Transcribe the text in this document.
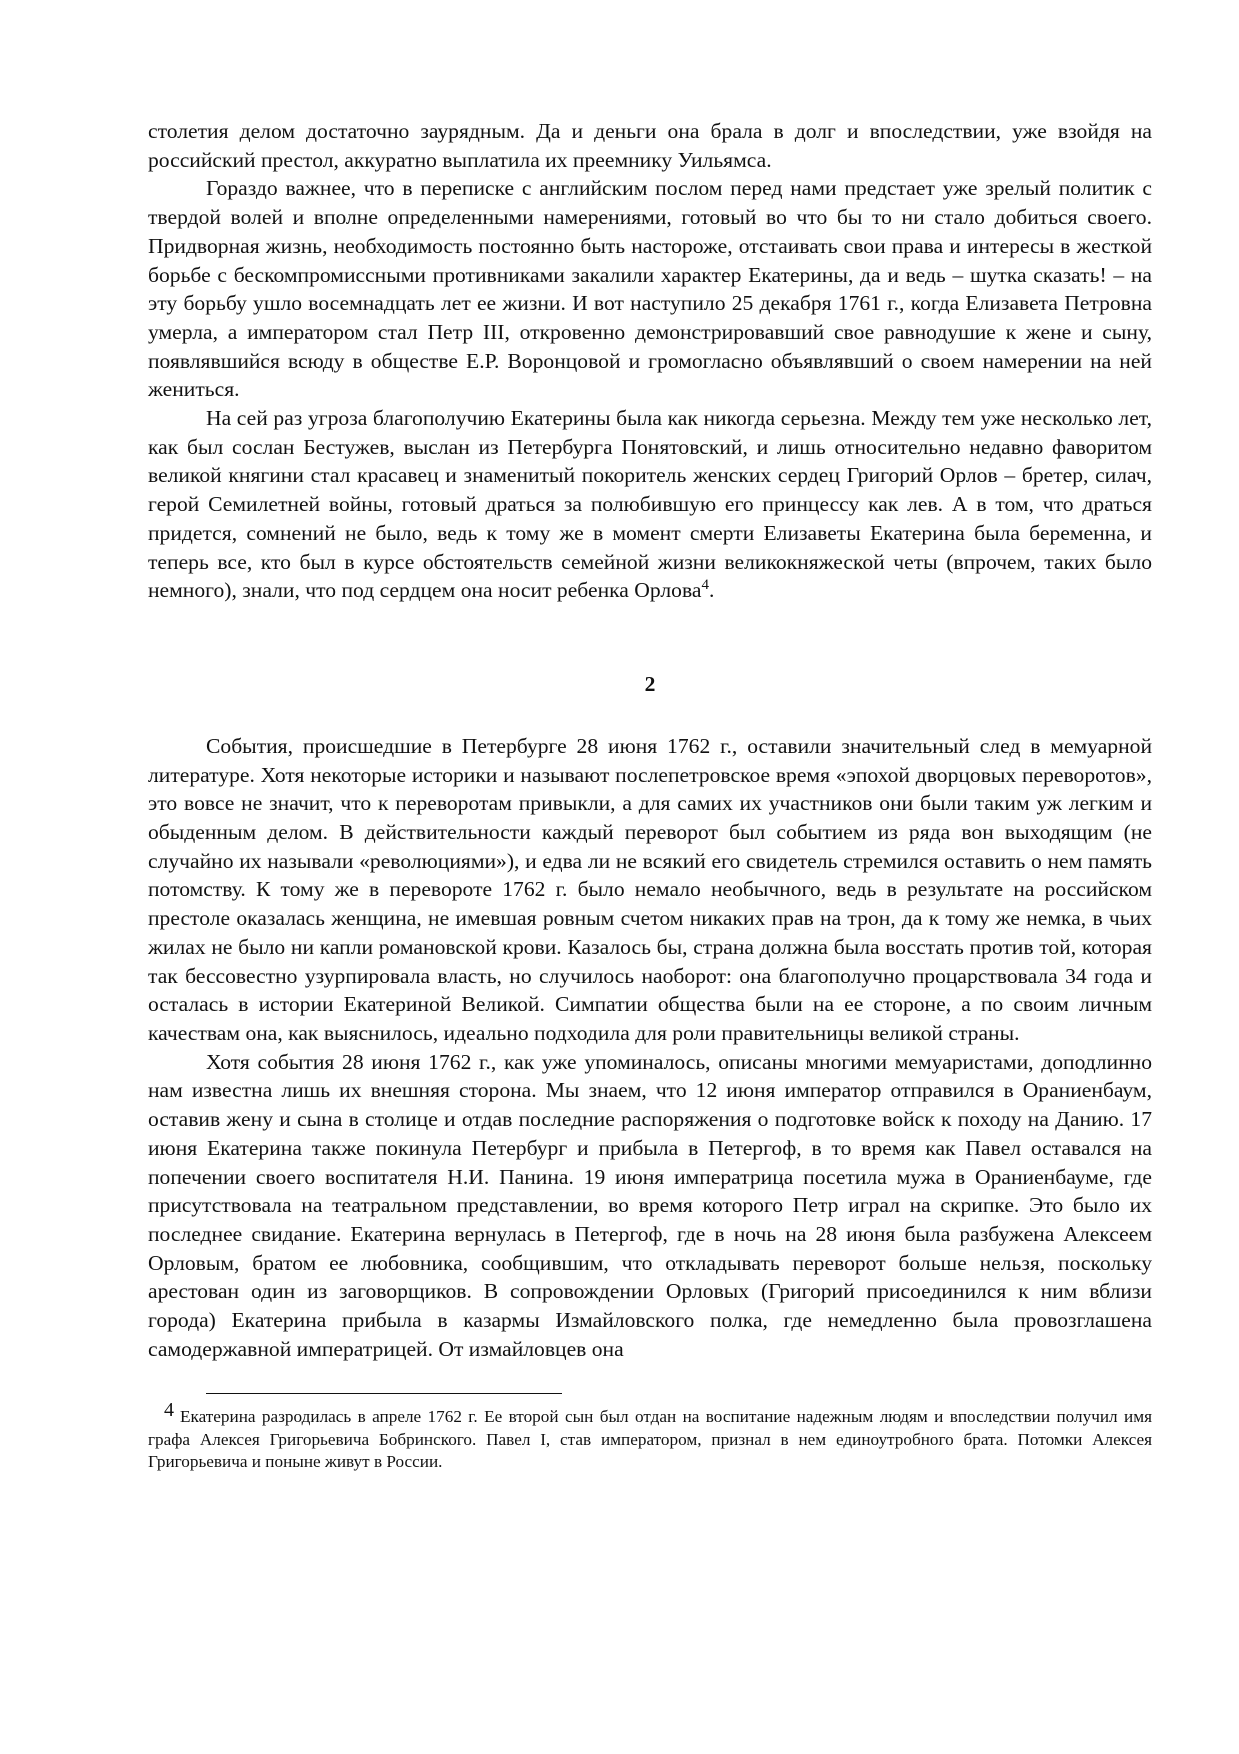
столетия делом достаточно заурядным. Да и деньги она брала в долг и впоследствии, уже взойдя на российский престол, аккуратно выплатила их преемнику Уильямса.

Гораздо важнее, что в переписке с английским послом перед нами предстает уже зрелый политик с твердой волей и вполне определенными намерениями, готовый во что бы то ни стало добиться своего. Придворная жизнь, необходимость постоянно быть настороже, отстаивать свои права и интересы в жесткой борьбе с бескомпромиссными противниками закалили характер Екатерины, да и ведь – шутка сказать! – на эту борьбу ушло восемнадцать лет ее жизни. И вот наступило 25 декабря 1761 г., когда Елизавета Петровна умерла, а императором стал Петр III, откровенно демонстрировавший свое равнодушие к жене и сыну, появлявшийся всюду в обществе Е.Р. Воронцовой и громогласно объявлявший о своем намерении на ней жениться.

На сей раз угроза благополучию Екатерины была как никогда серьезна. Между тем уже несколько лет, как был сослан Бестужев, выслан из Петербурга Понятовский, и лишь относительно недавно фаворитом великой княгини стал красавец и знаменитый покоритель женских сердец Григорий Орлов – бретер, силач, герой Семилетней войны, готовый драться за полюбившую его принцессу как лев. А в том, что драться придется, сомнений не было, ведь к тому же в момент смерти Елизаветы Екатерина была беременна, и теперь все, кто был в курсе обстоятельств семейной жизни великокняжеской четы (впрочем, таких было немного), знали, что под сердцем она носит ребенка Орлова$^4$.

2

События, происшедшие в Петербурге 28 июня 1762 г., оставили значительный след в мемуарной литературе. Хотя некоторые историки и называют послепетровское время «эпохой дворцовых переворотов», это вовсе не значит, что к переворотам привыкли, а для самих их участников они были таким уж легким и обыденным делом. В действительности каждый переворот был событием из ряда вон выходящим (не случайно их называли «революциями»), и едва ли не всякий его свидетель стремился оставить о нем память потомству. К тому же в перевороте 1762 г. было немало необычного, ведь в результате на российском престоле оказалась женщина, не имевшая ровным счетом никаких прав на трон, да к тому же немка, в чьих жилах не было ни капли романовской крови. Казалось бы, страна должна была восстать против той, которая так бессовестно узурпировала власть, но случилось наоборот: она благополучно процарствовала 34 года и осталась в истории Екатериной Великой. Симпатии общества были на ее стороне, а по своим личным качествам она, как выяснилось, идеально подходила для роли правительницы великой страны.

Хотя события 28 июня 1762 г., как уже упоминалось, описаны многими мемуаристами, доподлинно нам известна лишь их внешняя сторона. Мы знаем, что 12 июня император отправился в Ораниенбаум, оставив жену и сына в столице и отдав последние распоряжения о подготовке войск к походу на Данию. 17 июня Екатерина также покинула Петербург и прибыла в Петергоф, в то время как Павел оставался на попечении своего воспитателя Н.И. Панина. 19 июня императрица посетила мужа в Ораниенбауме, где присутствовала на театральном представлении, во время которого Петр играл на скрипке. Это было их последнее свидание. Екатерина вернулась в Петергоф, где в ночь на 28 июня была разбужена Алексеем Орловым, братом ее любовника, сообщившим, что откладывать переворот больше нельзя, поскольку арестован один из заговорщиков. В сопровождении Орловых (Григорий присоединился к ним вблизи города) Екатерина прибыла в казармы Измайловского полка, где немедленно была провозглашена самодержавной императрицей. От измайловцев она

4 Екатерина разродилась в апреле 1762 г. Ее второй сын был отдан на воспитание надежным людям и впоследствии получил имя графа Алексея Григорьевича Бобринского. Павел I, став императором, признал в нем единоутробного брата. Потомки Алексея Григорьевича и поныне живут в России.
